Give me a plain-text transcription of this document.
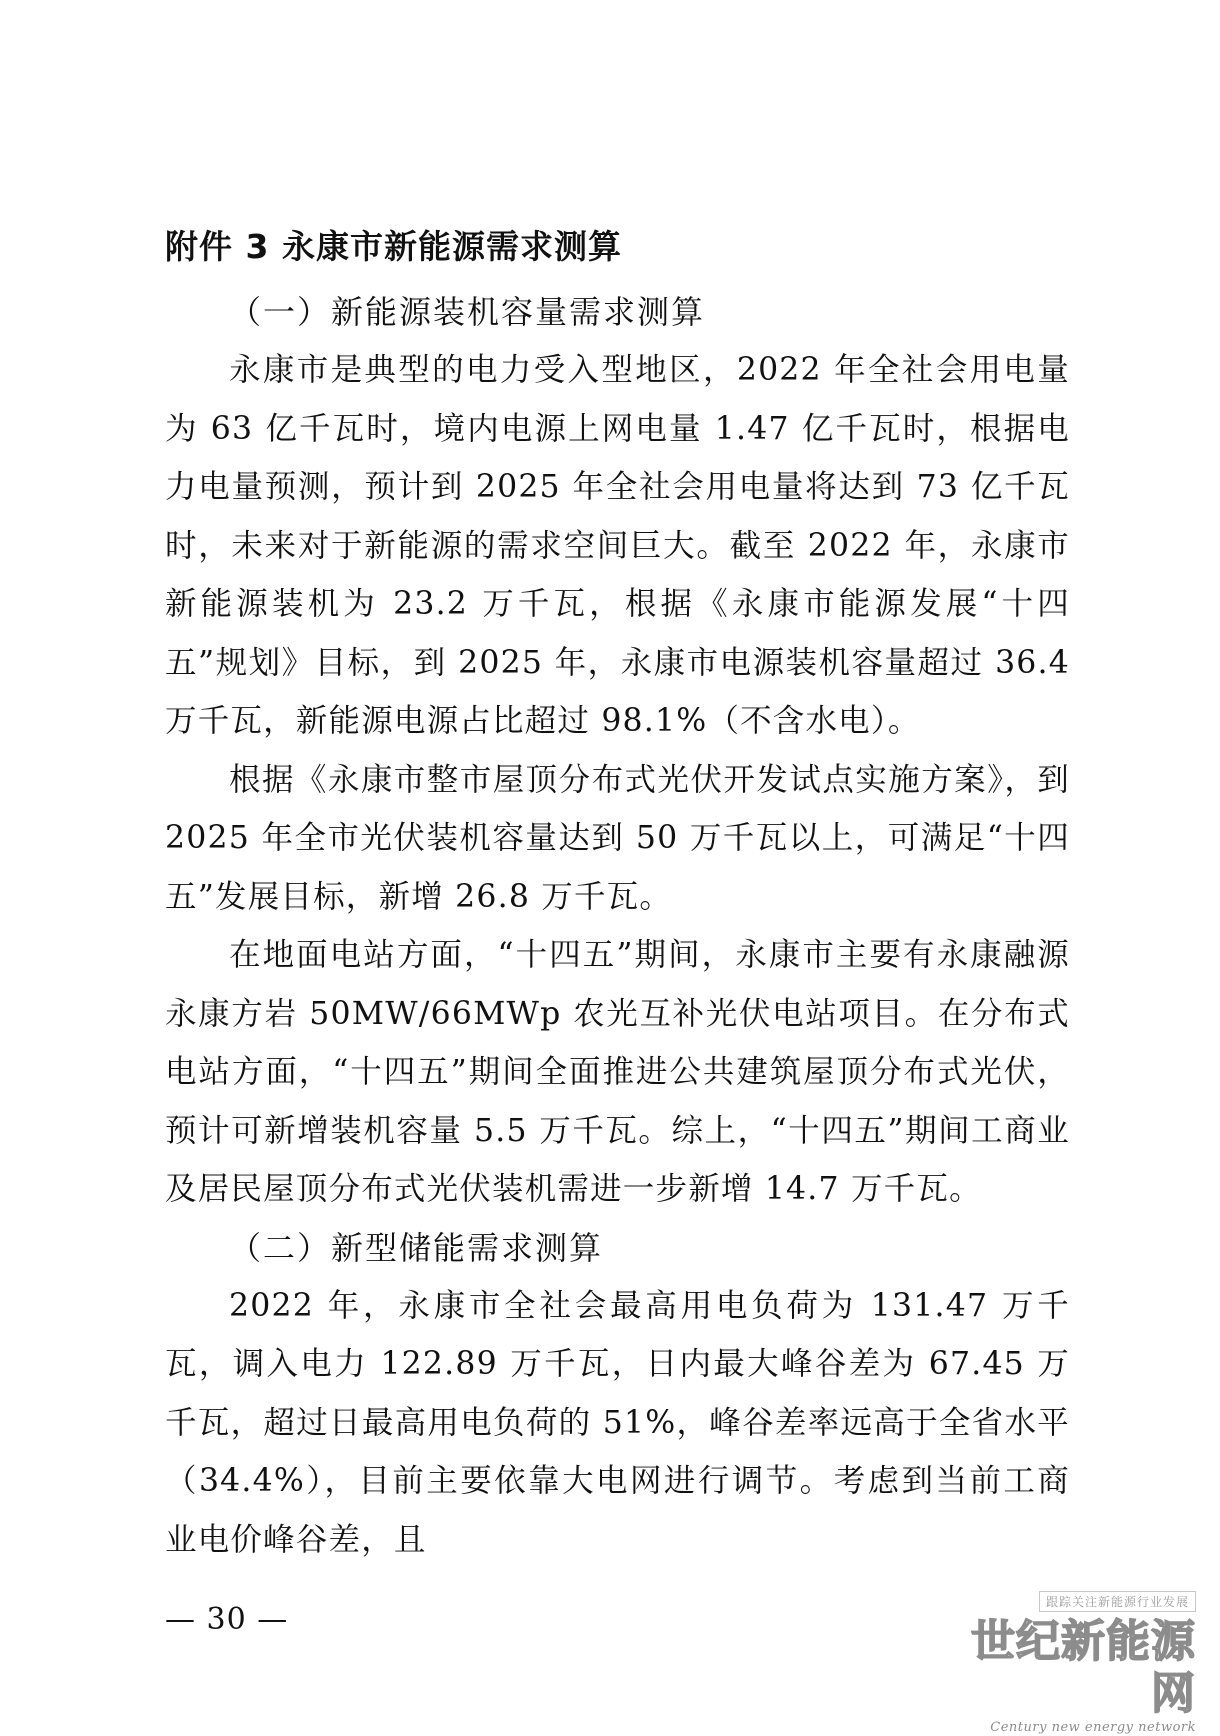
附件 3 永康市新能源需求测算

（一）新能源装机容量需求测算

永康市是典型的电力受入型地区，2022 年全社会用电量为 63 亿千瓦时，境内电源上网电量 1.47 亿千瓦时，根据电力电量预测，预计到 2025 年全社会用电量将达到 73 亿千瓦时，未来对于新能源的需求空间巨大。截至 2022 年，永康市新能源装机为 23.2 万千瓦，根据《永康市能源发展“十四五”规划》目标，到 2025 年，永康市电源装机容量超过 36.4 万千瓦，新能源电源占比超过 98.1%（不含水电）。

根据《永康市整市屋顶分布式光伏开发试点实施方案》，到 2025 年全市光伏装机容量达到 50 万千瓦以上，可满足“十四五”发展目标，新增 26.8 万千瓦。

在地面电站方面，“十四五”期间，永康市主要有永康融源永康方岩 50MW/66MWp 农光互补光伏电站项目。在分布式电站方面，“十四五”期间全面推进公共建筑屋顶分布式光伏，预计可新增装机容量 5.5 万千瓦。综上，“十四五”期间工商业及居民屋顶分布式光伏装机需进一步新增 14.7 万千瓦。

（二）新型储能需求测算

2022 年，永康市全社会最高用电负荷为 131.47 万千瓦，调入电力 122.89 万千瓦，日内最大峰谷差为 67.45 万千瓦，超过日最高用电负荷的 51%，峰谷差率远高于全省水平（34.4%），目前主要依靠大电网进行调节。考虑到当前工商业电价峰谷差，且

— 30 —	跟踪关注新能源行业发展
世纪新能源网
Century new energy network
